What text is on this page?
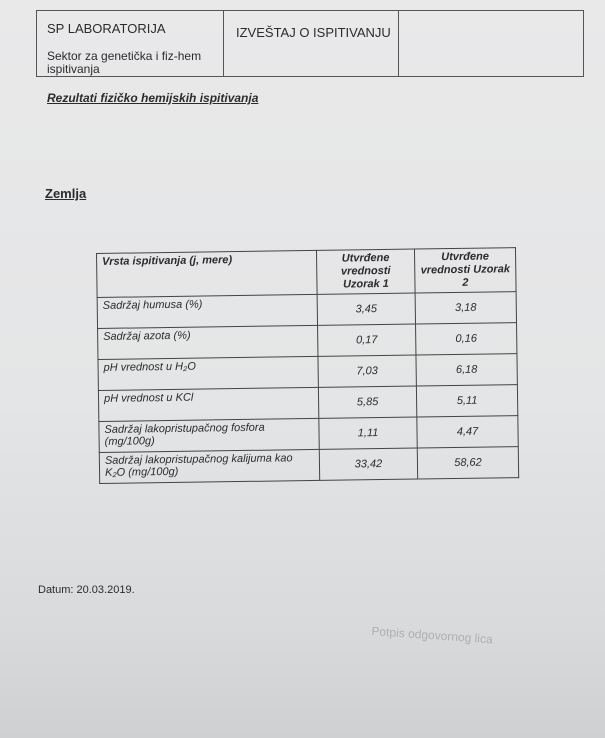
SP LABORATORIJA
Sektor za genetička i fiz-hem ispitivanja

IZVEŠTAJ O ISPITIVANJU

Rezultati fizičko hemijskih ispitivanja
Zemlja
Vrsta ispitivanja (j, mere)	Utvrđene vrednosti Uzorak 1	Utvrđene vrednosti Uzorak 2
Sadržaj humusa (%)	3,45	3,18
Sadržaj azota (%)	0,17	0,16
pH vrednost u H₂O	7,03	6,18
pH vrednost u KCl	5,85	5,11
Sadržaj lakopristupačnog fosfora (mg/100g)	1,11	4,47
Sadržaj lakopristupačnog kalijuma kao K₂O (mg/100g)	33,42	58,62
Datum: 20.03.2019.
Potpis odgovornog lica
